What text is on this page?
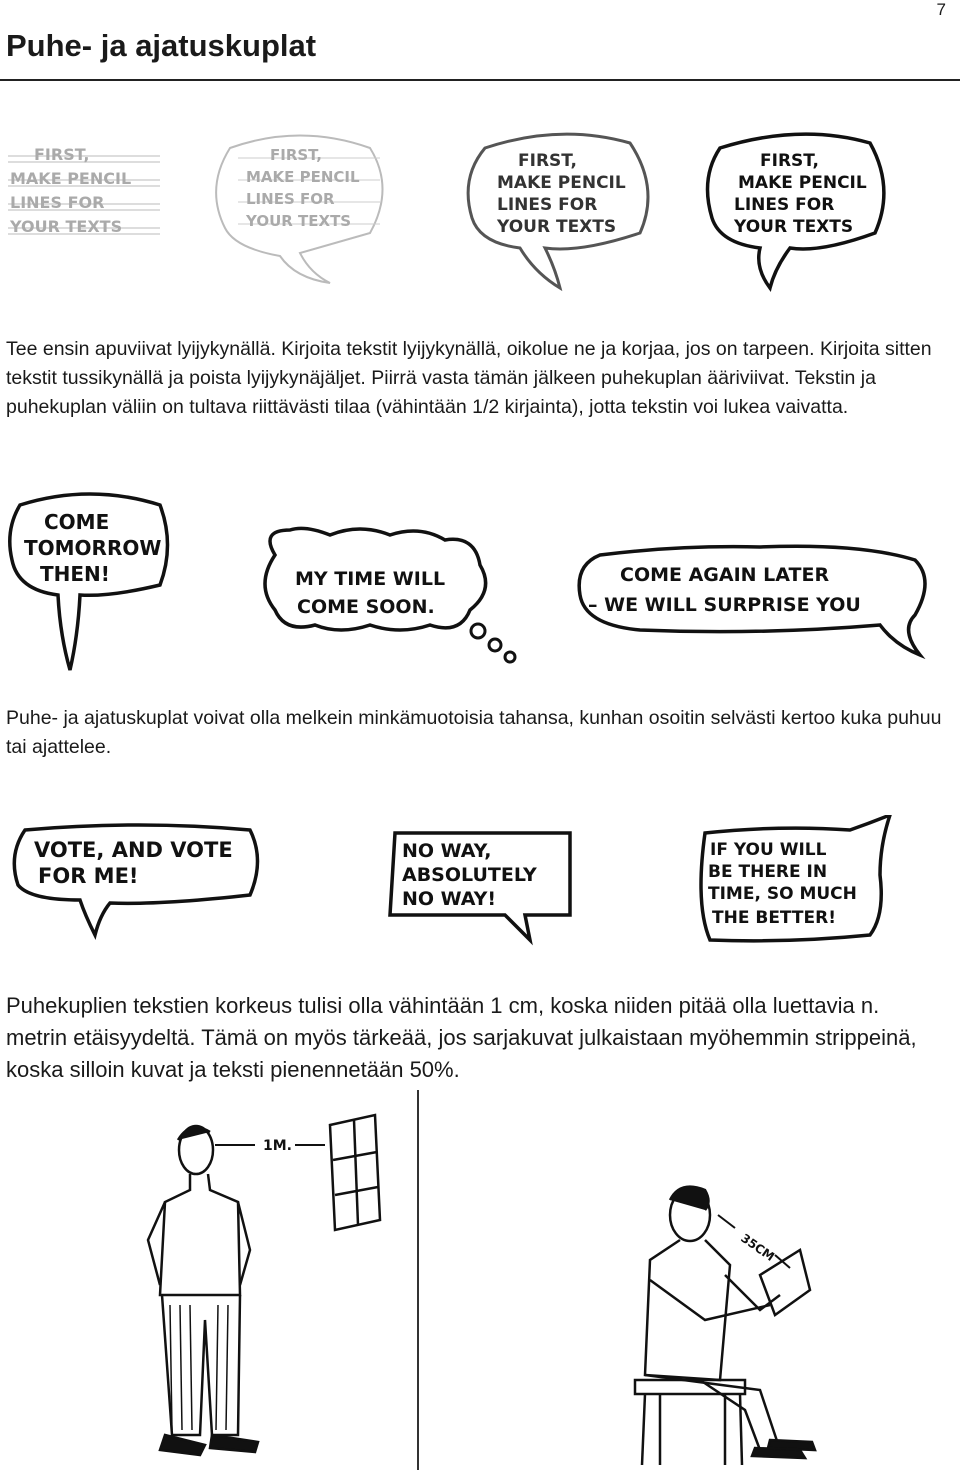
7
Puhe- ja ajatuskuplat
FIRST,
MAKE PENCIL
LINES FOR
YOUR TEXTS
FIRST,
MAKE PENCIL
LINES FOR
YOUR TEXTS
FIRST,
MAKE PENCIL
LINES FOR
YOUR TEXTS
FIRST,
MAKE PENCIL
LINES FOR
YOUR TEXTS

Tee ensin apuviivat lyijykynällä. Kirjoita tekstit lyijykynällä, oikolue ne ja korjaa, jos on tarpeen. Kirjoita sitten tekstit tussikynällä ja poista lyijykynäjäljet. Piirrä vasta tämän jälkeen puhekuplan ääriviivat. Tekstin ja puhekuplan väliin on tultava riittävästi tilaa (vähintään 1/2 kirjainta), jotta tekstin voi lukea vaivatta.

COME
TOMORROW
THEN!	MY TIME WILL
COME SOON.
COME AGAIN LATER
– WE WILL SURPRISE YOU

Puhe- ja ajatuskuplat voivat olla melkein minkämuotoisia tahansa, kunhan osoitin selvästi kertoo kuka puhuu tai ajattelee.

VOTE, AND VOTE
FOR ME!
NO WAY,
ABSOLUTELY
NO WAY!
IF YOU WILL
BE THERE IN
TIME, SO MUCH
THE BETTER!

Puhekuplien tekstien korkeus tulisi olla vähintään 1 cm, koska niiden pitää olla luettavia n. metrin etäisyydeltä. Tämä on myös tärkeää, jos sarjakuvat julkaistaan myöhemmin strippeinä, koska silloin kuvat ja teksti pienennetään 50%.

1M.
35CM
